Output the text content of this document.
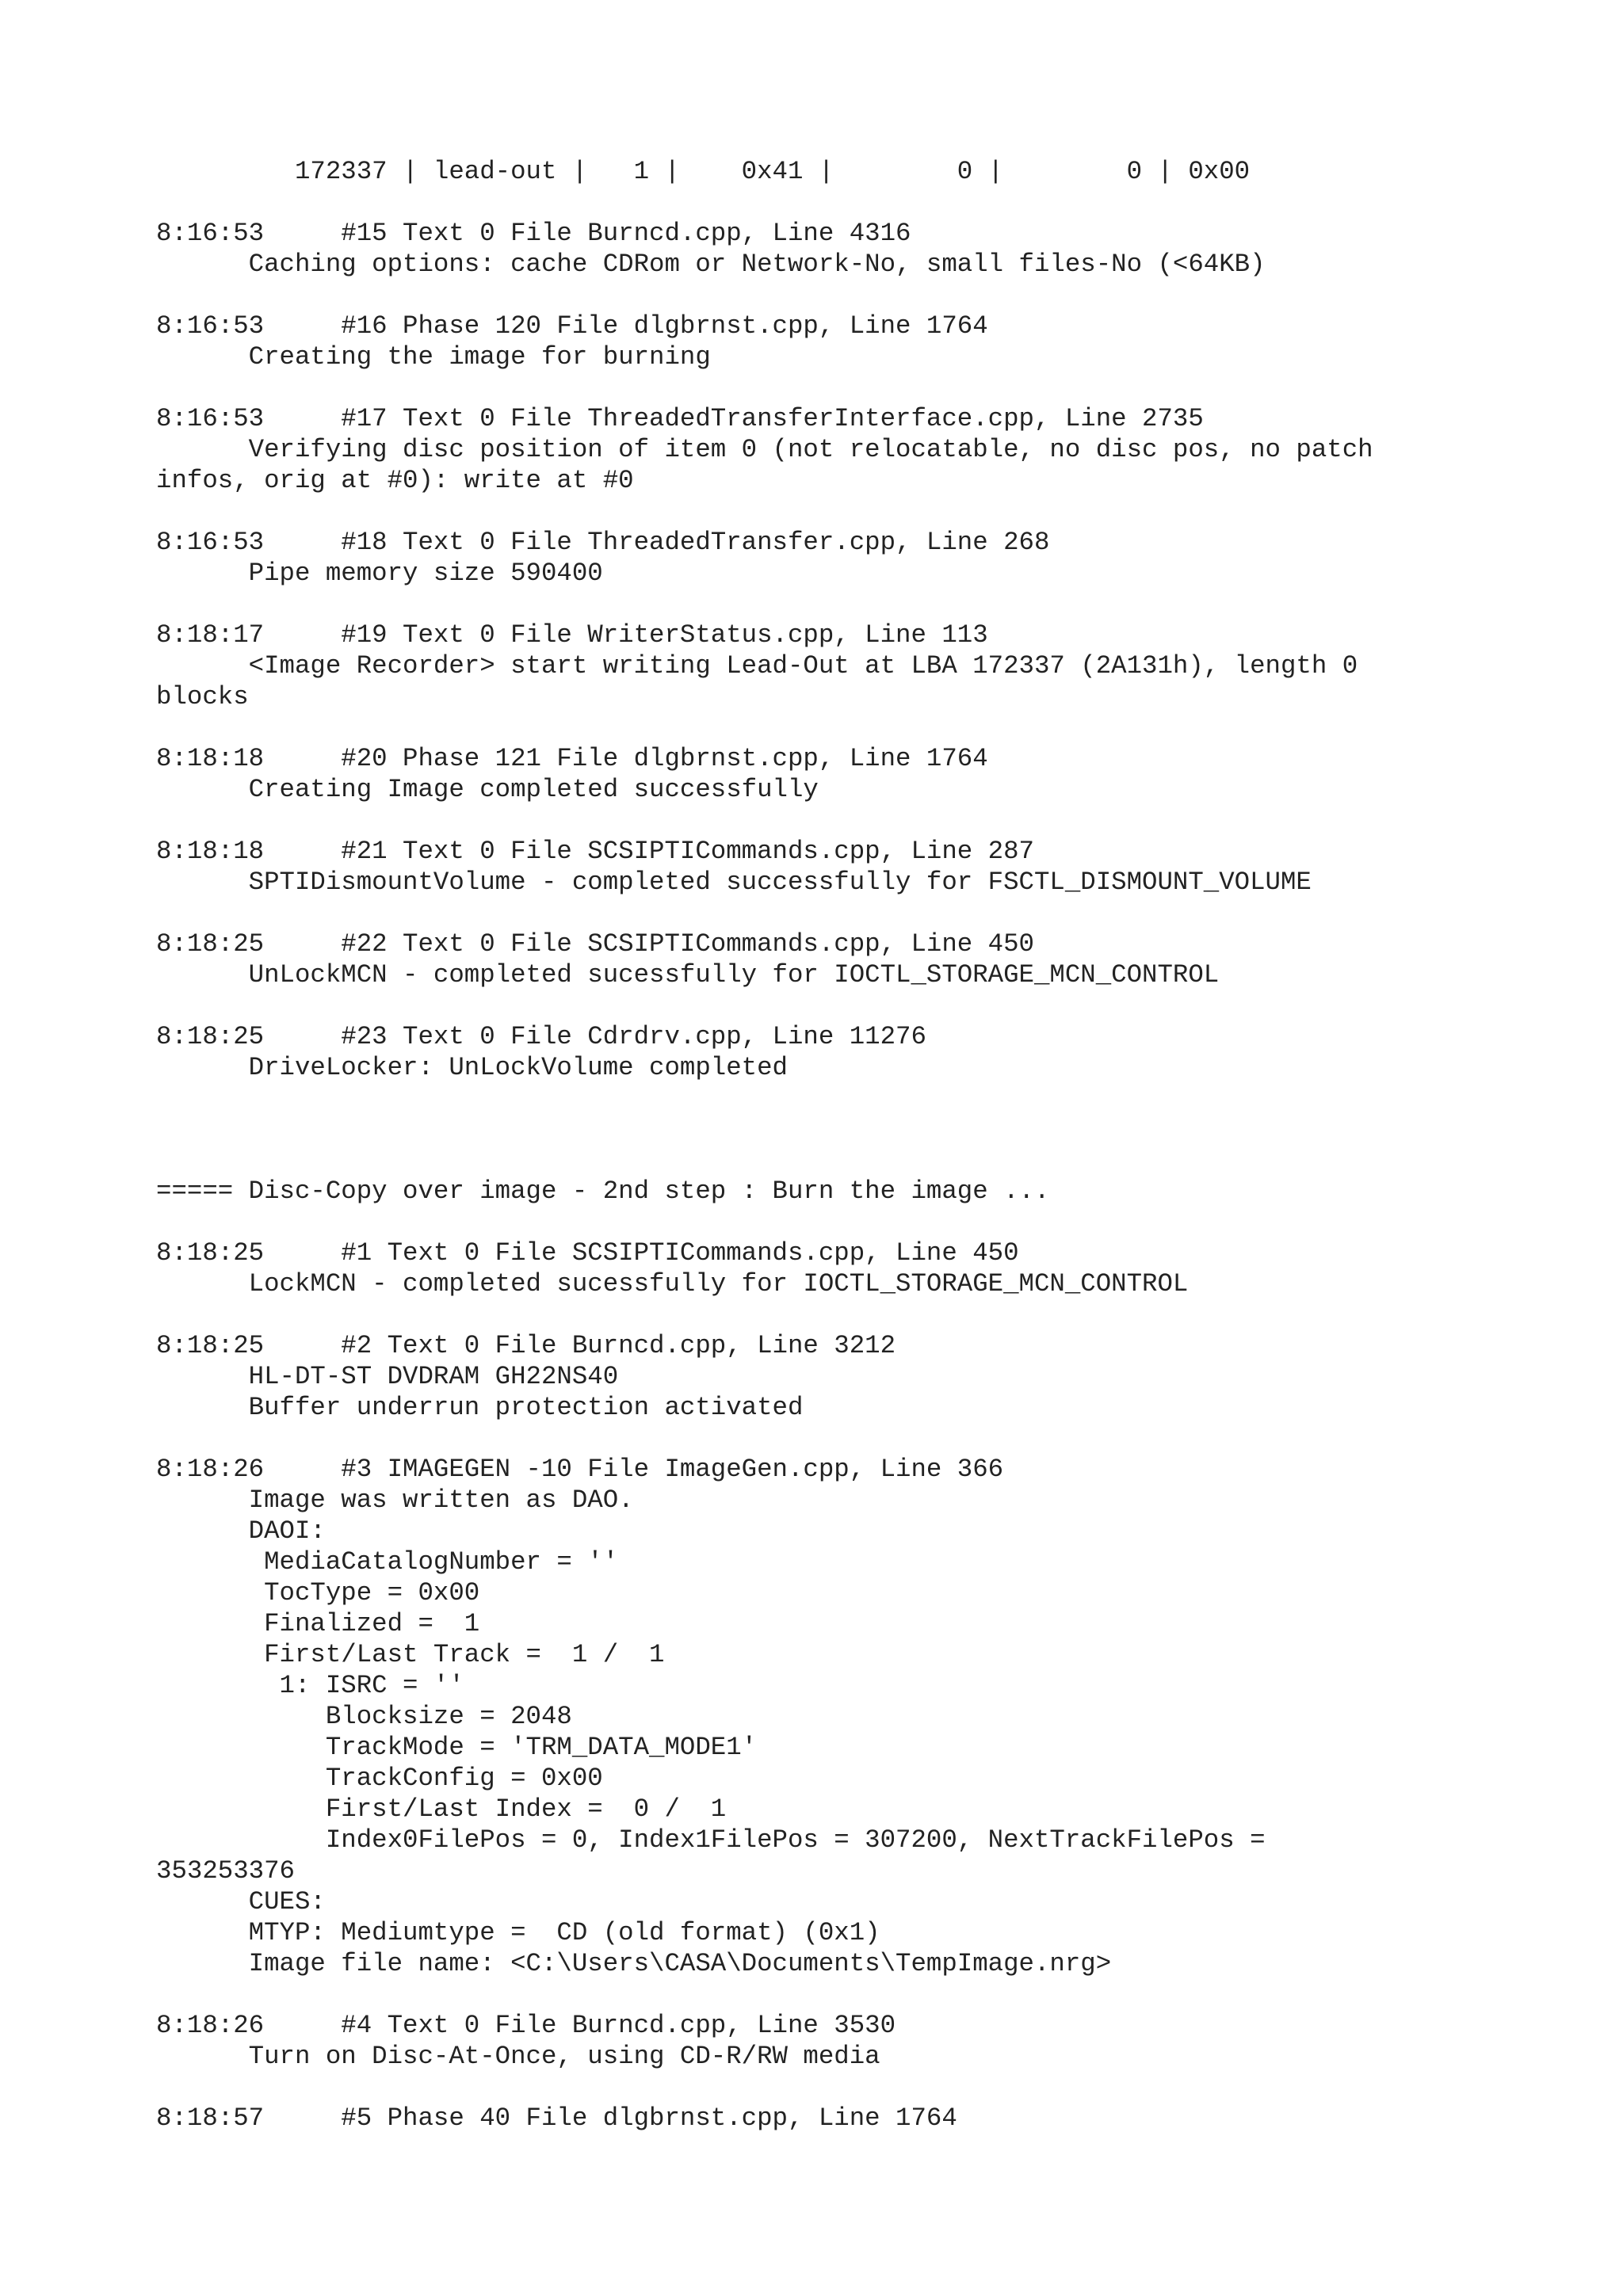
172337 | lead-out |   1 |    0x41 |        0 |        0 | 0x00
8:16:53     #15 Text 0 File Burncd.cpp, Line 4316
Caching options: cache CDRom or Network-No, small files-No (<64KB)
8:16:53     #16 Phase 120 File dlgbrnst.cpp, Line 1764
Creating the image for burning
8:16:53     #17 Text 0 File ThreadedTransferInterface.cpp, Line 2735
Verifying disc position of item 0 (not relocatable, no disc pos, no patch
infos, orig at #0): write at #0
8:16:53     #18 Text 0 File ThreadedTransfer.cpp, Line 268
Pipe memory size 590400
8:18:17     #19 Text 0 File WriterStatus.cpp, Line 113
<Image Recorder> start writing Lead-Out at LBA 172337 (2A131h), length 0
blocks
8:18:18     #20 Phase 121 File dlgbrnst.cpp, Line 1764
Creating Image completed successfully
8:18:18     #21 Text 0 File SCSIPTICommands.cpp, Line 287
SPTIDismountVolume - completed successfully for FSCTL_DISMOUNT_VOLUME
8:18:25     #22 Text 0 File SCSIPTICommands.cpp, Line 450
UnLockMCN - completed sucessfully for IOCTL_STORAGE_MCN_CONTROL
8:18:25     #23 Text 0 File Cdrdrv.cpp, Line 11276
DriveLocker: UnLockVolume completed
===== Disc-Copy over image - 2nd step : Burn the image ...
8:18:25     #1 Text 0 File SCSIPTICommands.cpp, Line 450
LockMCN - completed sucessfully for IOCTL_STORAGE_MCN_CONTROL
8:18:25     #2 Text 0 File Burncd.cpp, Line 3212
HL-DT-ST DVDRAM GH22NS40
Buffer underrun protection activated
8:18:26     #3 IMAGEGEN -10 File ImageGen.cpp, Line 366
Image was written as DAO.
DAOI:
MediaCatalogNumber = ''
TocType = 0x00
Finalized =  1
First/Last Track =  1 /  1
1: ISRC = ''
Blocksize = 2048
TrackMode = 'TRM_DATA_MODE1'
TrackConfig = 0x00
First/Last Index =  0 /  1
Index0FilePos = 0, Index1FilePos = 307200, NextTrackFilePos =
353253376
CUES:
MTYP: Mediumtype =  CD (old format) (0x1)
Image file name: <C:\Users\CASA\Documents\TempImage.nrg>
8:18:26     #4 Text 0 File Burncd.cpp, Line 3530
Turn on Disc-At-Once, using CD-R/RW media
8:18:57     #5 Phase 40 File dlgbrnst.cpp, Line 1764
